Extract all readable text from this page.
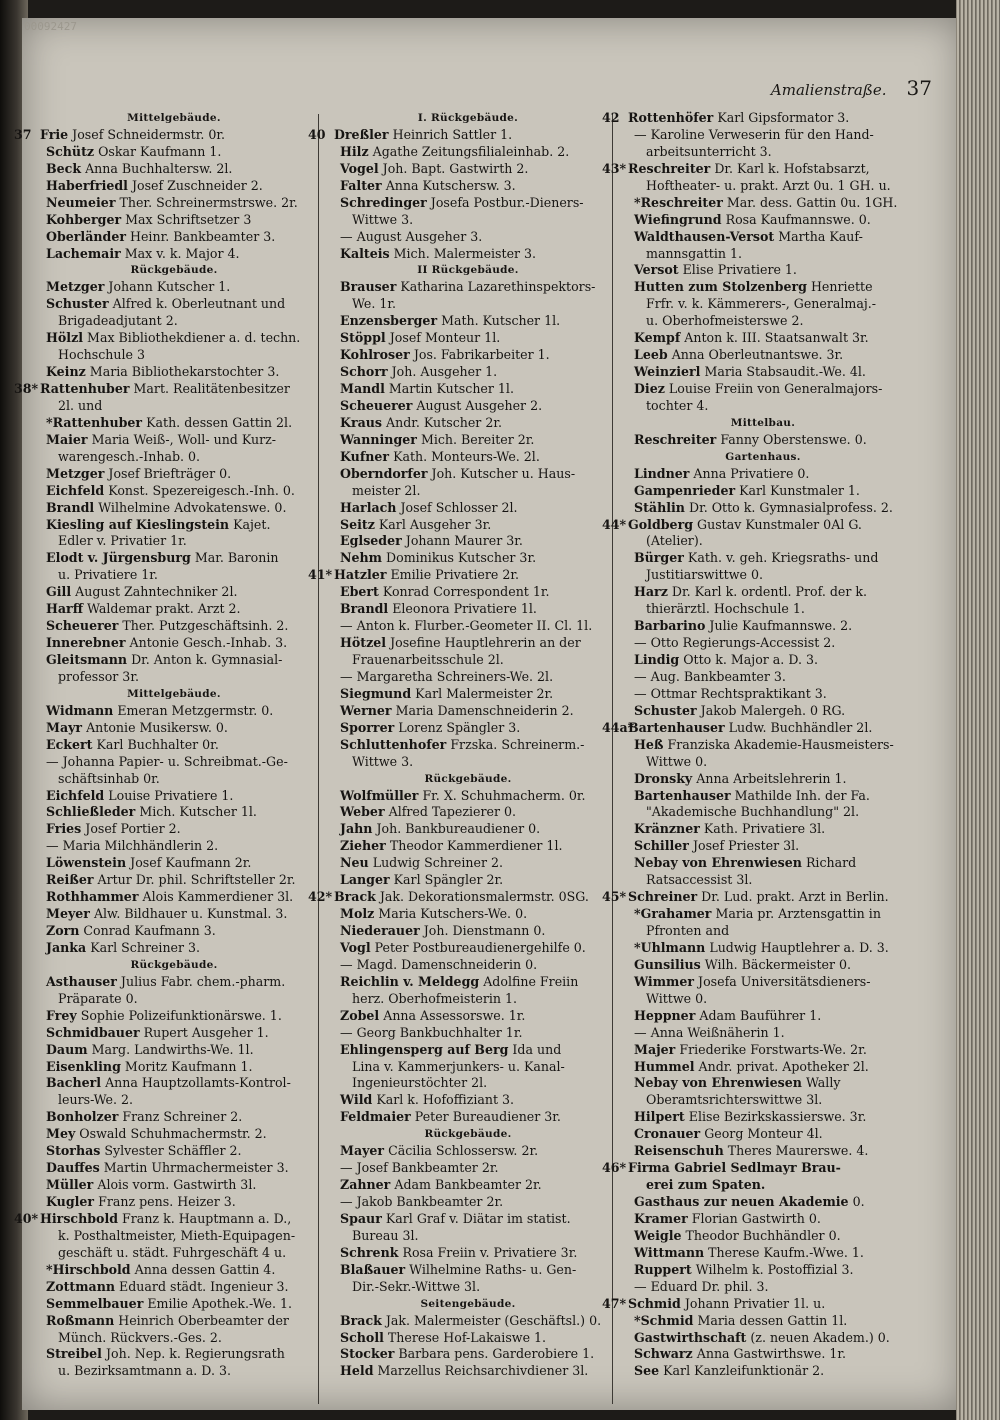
00092427
Amalienstraße. 37
Mittelgebäude.
37 Frie Josef Schneidermstr. 0r.
Schütz Oskar Kaufmann 1.
Beck Anna Buchhaltersw. 2l.
Haberfriedl Josef Zuschneider 2.
Neumeier Ther. Schreinermstrswe. 2r.
Kohberger Max Schriftsetzer 3
Oberländer Heinr. Bankbeamter 3.
Lachemair Max v. k. Major 4.
Rückgebäude.
Metzger Johann Kutscher 1.
Schuster Alfred k. Oberleutnant und
Brigadeadjutant 2.
Hölzl Max Bibliothekdiener a. d. techn.
Hochschule 3
Keinz Maria Bibliothekarstochter 3.
38* Rattenhuber Mart. Realitätenbesitzer
2l. und
*Rattenhuber Kath. dessen Gattin 2l.
Maier Maria Weiß-, Woll- und Kurz-
warengesch.-Inhab. 0.
Metzger Josef Briefträger 0.
Eichfeld Konst. Spezereigesch.-Inh. 0.
Brandl Wilhelmine Advokatenswe. 0.
Kiesling auf Kieslingstein Kajet.
Edler v. Privatier 1r.
Elodt v. Jürgensburg Mar. Baronin
u. Privatiere 1r.
Gill August Zahntechniker 2l.
Harff Waldemar prakt. Arzt 2.
Scheuerer Ther. Putzgeschäftsinh. 2.
Innerebner Antonie Gesch.-Inhab. 3.
Gleitsmann Dr. Anton k. Gymnasial-
professor 3r.
Mittelgebäude.
Widmann Emeran Metzgermstr. 0.
Mayr Antonie Musikersw. 0.
Eckert Karl Buchhalter 0r.
— Johanna Papier- u. Schreibmat.-Ge-
schäftsinhab 0r.
Eichfeld Louise Privatiere 1.
Schließleder Mich. Kutscher 1l.
Fries Josef Portier 2.
— Maria Milchhändlerin 2.
Löwenstein Josef Kaufmann 2r.
Reißer Artur Dr. phil. Schriftsteller 2r.
Rothhammer Alois Kammerdiener 3l.
Meyer Alw. Bildhauer u. Kunstmal. 3.
Zorn Conrad Kaufmann 3.
Janka Karl Schreiner 3.
Rückgebäude.
Asthauser Julius Fabr. chem.-pharm.
Präparate 0.
Frey Sophie Polizeifunktionärswe. 1.
Schmidbauer Rupert Ausgeher 1.
Daum Marg. Landwirths-We. 1l.
Eisenkling Moritz Kaufmann 1.
Bacherl Anna Hauptzollamts-Kontrol-
leurs-We. 2.
Bonholzer Franz Schreiner 2.
Mey Oswald Schuhmachermstr. 2.
Storhas Sylvester Schäffler 2.
Dauffes Martin Uhrmachermeister 3.
Müller Alois vorm. Gastwirth 3l.
Kugler Franz pens. Heizer 3.
40* Hirschbold Franz k. Hauptmann a. D.,
k. Posthaltmeister, Mieth-Equipagen-
geschäft u. städt. Fuhrgeschäft 4 u.
*Hirschbold Anna dessen Gattin 4.
Zottmann Eduard städt. Ingenieur 3.
Semmelbauer Emilie Apothek.-We. 1.
Roßmann Heinrich Oberbeamter der
Münch. Rückvers.-Ges. 2.
Streibel Joh. Nep. k. Regierungsrath
u. Bezirksamtmann a. D. 3.
I. Rückgebäude.
40 Dreßler Heinrich Sattler 1.
Hilz Agathe Zeitungsfilialeinhab. 2.
Vogel Joh. Bapt. Gastwirth 2.
Falter Anna Kutschersw. 3.
Schredinger Josefa Postbur.-Dieners-
Wittwe 3.
— August Ausgeher 3.
Kalteis Mich. Malermeister 3.
II Rückgebäude.
Brauser Katharina Lazarethinspektors-
We. 1r.
Enzensberger Math. Kutscher 1l.
Stöppl Josef Monteur 1l.
Kohlroser Jos. Fabrikarbeiter 1.
Schorr Joh. Ausgeher 1.
Mandl Martin Kutscher 1l.
Scheuerer August Ausgeher 2.
Kraus Andr. Kutscher 2r.
Wanninger Mich. Bereiter 2r.
Kufner Kath. Monteurs-We. 2l.
Oberndorfer Joh. Kutscher u. Haus-
meister 2l.
Harlach Josef Schlosser 2l.
Seitz Karl Ausgeher 3r.
Eglseder Johann Maurer 3r.
Nehm Dominikus Kutscher 3r.
41* Hatzler Emilie Privatiere 2r.
Ebert Konrad Correspondent 1r.
Brandl Eleonora Privatiere 1l.
— Anton k. Flurber.-Geometer II. Cl. 1l.
Hötzel Josefine Hauptlehrerin an der
Frauenarbeitsschule 2l.
— Margaretha Schreiners-We. 2l.
Siegmund Karl Malermeister 2r.
Werner Maria Damenschneiderin 2.
Sporrer Lorenz Spängler 3.
Schluttenhofer Frzska. Schreinerm.-
Wittwe 3.
Rückgebäude.
Wolfmüller Fr. X. Schuhmacherm. 0r.
Weber Alfred Tapezierer 0.
Jahn Joh. Bankbureaudiener 0.
Zieher Theodor Kammerdiener 1l.
Neu Ludwig Schreiner 2.
Langer Karl Spängler 2r.
42* Brack Jak. Dekorationsmalermstr. 0SG.
Molz Maria Kutschers-We. 0.
Niederauer Joh. Dienstmann 0.
Vogl Peter Postbureaudienergehilfe 0.
— Magd. Damenschneiderin 0.
Reichlin v. Meldegg Adolfine Freiin
herz. Oberhofmeisterin 1.
Zobel Anna Assessorswe. 1r.
— Georg Bankbuchhalter 1r.
Ehlingensperg auf Berg Ida und
Lina v. Kammerjunkers- u. Kanal-
Ingenieurstöchter 2l.
Wild Karl k. Hofoffiziant 3.
Feldmaier Peter Bureaudiener 3r.
Rückgebäude.
Mayer Cäcilia Schlossersw. 2r.
— Josef Bankbeamter 2r.
Zahner Adam Bankbeamter 2r.
— Jakob Bankbeamter 2r.
Spaur Karl Graf v. Diätar im statist.
Bureau 3l.
Schrenk Rosa Freiin v. Privatiere 3r.
Blaßauer Wilhelmine Raths- u. Gen-
Dir.-Sekr.-Wittwe 3l.
Seitengebäude.
Brack Jak. Malermeister (Geschäftsl.) 0.
Scholl Therese Hof-Lakaiswe 1.
Stocker Barbara pens. Garderobiere 1.
Held Marzellus Reichsarchivdiener 3l.
42 Rottenhöfer Karl Gipsformator 3.
— Karoline Verweserin für den Hand-
arbeitsunterricht 3.
43* Reschreiter Dr. Karl k. Hofstabsarzt,
Hoftheater- u. prakt. Arzt 0u. 1 GH. u.
*Reschreiter Mar. dess. Gattin 0u. 1GH.
Wiefingrund Rosa Kaufmannswe. 0.
Waldthausen-Versot Martha Kauf-
mannsgattin 1.
Versot Elise Privatiere 1.
Hutten zum Stolzenberg Henriette
Frfr. v. k. Kämmerers-, Generalmaj.-
u. Oberhofmeisterswe 2.
Kempf Anton k. III. Staatsanwalt 3r.
Leeb Anna Oberleutnantswe. 3r.
Weinzierl Maria Stabsaudit.-We. 4l.
Diez Louise Freiin von Generalmajors-
tochter 4.
Mittelbau.
Reschreiter Fanny Oberstenswe. 0.
Gartenhaus.
Lindner Anna Privatiere 0.
Gampenrieder Karl Kunstmaler 1.
Stählin Dr. Otto k. Gymnasialprofess. 2.
44* Goldberg Gustav Kunstmaler 0Al G.
(Atelier).
Bürger Kath. v. geh. Kriegsraths- und
Justitiarswittwe 0.
Harz Dr. Karl k. ordentl. Prof. der k.
thierärztl. Hochschule 1.
Barbarino Julie Kaufmannswe. 2.
— Otto Regierungs-Accessist 2.
Lindig Otto k. Major a. D. 3.
— Aug. Bankbeamter 3.
— Ottmar Rechtspraktikant 3.
Schuster Jakob Malergeh. 0 RG.
44a*Bartenhauser Ludw. Buchhändler 2l.
Heß Franziska Akademie-Hausmeisters-
Wittwe 0.
Dronsky Anna Arbeitslehrerin 1.
Bartenhauser Mathilde Inh. der Fa.
"Akademische Buchhandlung" 2l.
Kränzner Kath. Privatiere 3l.
Schiller Josef Priester 3l.
Nebay von Ehrenwiesen Richard
Ratsaccessist 3l.
45* Schreiner Dr. Lud. prakt. Arzt in Berlin.
*Grahamer Maria pr. Arztensgattin in
Pfronten and
*Uhlmann Ludwig Hauptlehrer a. D. 3.
Gunsilius Wilh. Bäckermeister 0.
Wimmer Josefa Universitätsdieners-
Wittwe 0.
Heppner Adam Bauführer 1.
— Anna Weißnäherin 1.
Majer Friederike Forstwarts-We. 2r.
Hummel Andr. privat. Apotheker 2l.
Nebay von Ehrenwiesen Wally
Oberamtsrichterswittwe 3l.
Hilpert Elise Bezirkskassierswe. 3r.
Cronauer Georg Monteur 4l.
Reisenschuh Theres Maurerswe. 4.
46* Firma Gabriel Sedlmayr Brau-
erei zum Spaten.
Gasthaus zur neuen Akademie 0.
Kramer Florian Gastwirth 0.
Weigle Theodor Buchhändler 0.
Wittmann Therese Kaufm.-Wwe. 1.
Ruppert Wilhelm k. Postoffizial 3.
— Eduard Dr. phil. 3.
47* Schmid Johann Privatier 1l. u.
*Schmid Maria dessen Gattin 1l.
Gastwirthschaft (z. neuen Akadem.) 0.
Schwarz Anna Gastwirthswe. 1r.
See Karl Kanzleifunktionär 2.
